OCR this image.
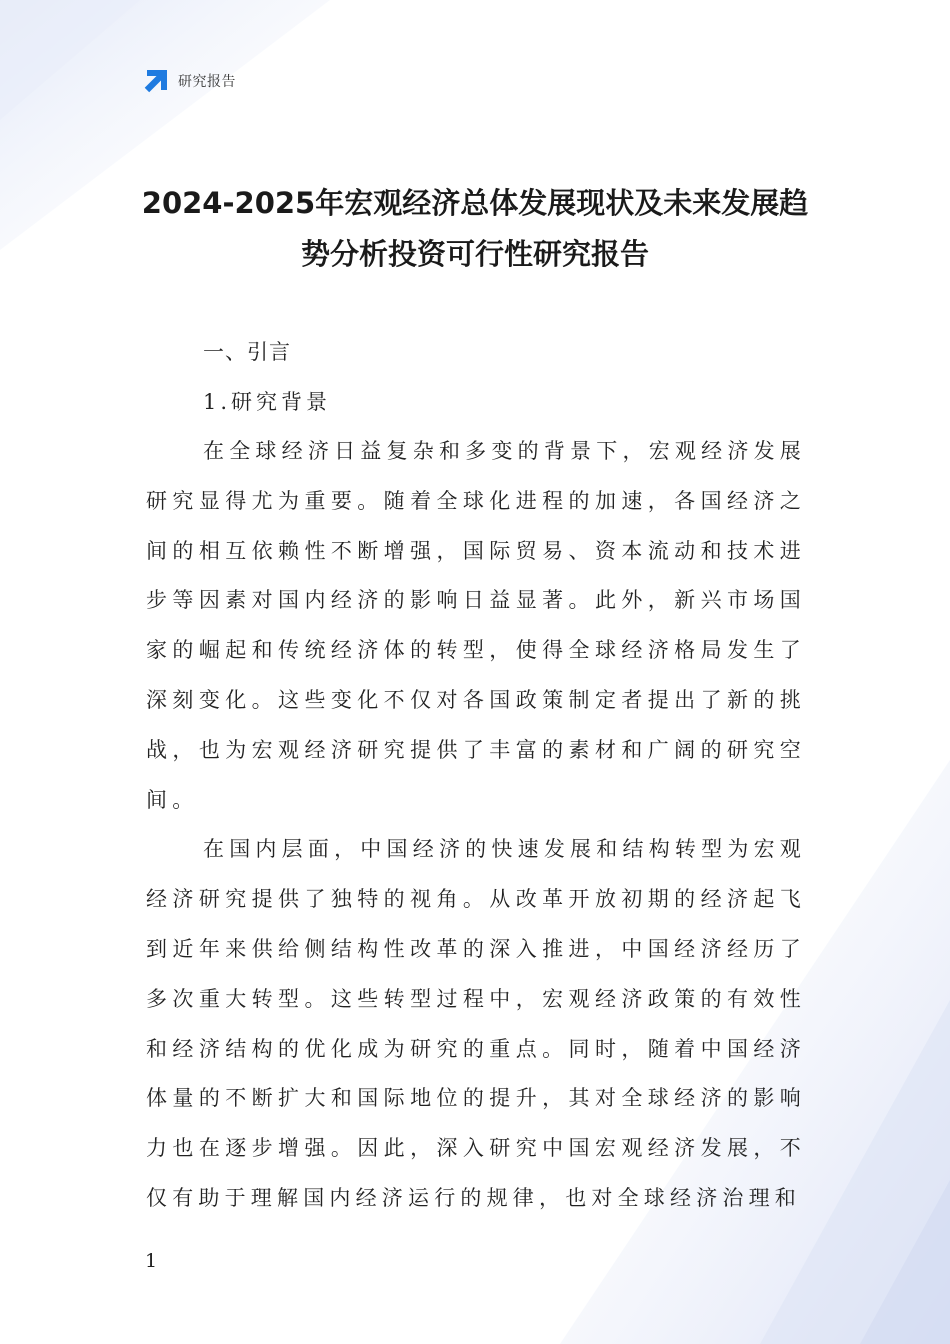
研究报告
2024-2025年宏观经济总体发展现状及未来发展趋势分析投资可行性研究报告

一、引言

1.研究背景

在全球经济日益复杂和多变的背景下，宏观经济发展研究显得尤为重要。随着全球化进程的加速，各国经济之间的相互依赖性不断增强，国际贸易、资本流动和技术进步等因素对国内经济的影响日益显著。此外，新兴市场国家的崛起和传统经济体的转型，使得全球经济格局发生了深刻变化。这些变化不仅对各国政策制定者提出了新的挑战，也为宏观经济研究提供了丰富的素材和广阔的研究空间。

在国内层面，中国经济的快速发展和结构转型为宏观经济研究提供了独特的视角。从改革开放初期的经济起飞到近年来供给侧结构性改革的深入推进，中国经济经历了多次重大转型。这些转型过程中，宏观经济政策的有效性和经济结构的优化成为研究的重点。同时，随着中国经济体量的不断扩大和国际地位的提升，其对全球经济的影响力也在逐步增强。因此，深入研究中国宏观经济发展，不仅有助于理解国内经济运行的规律，也对全球经济治理和

1
